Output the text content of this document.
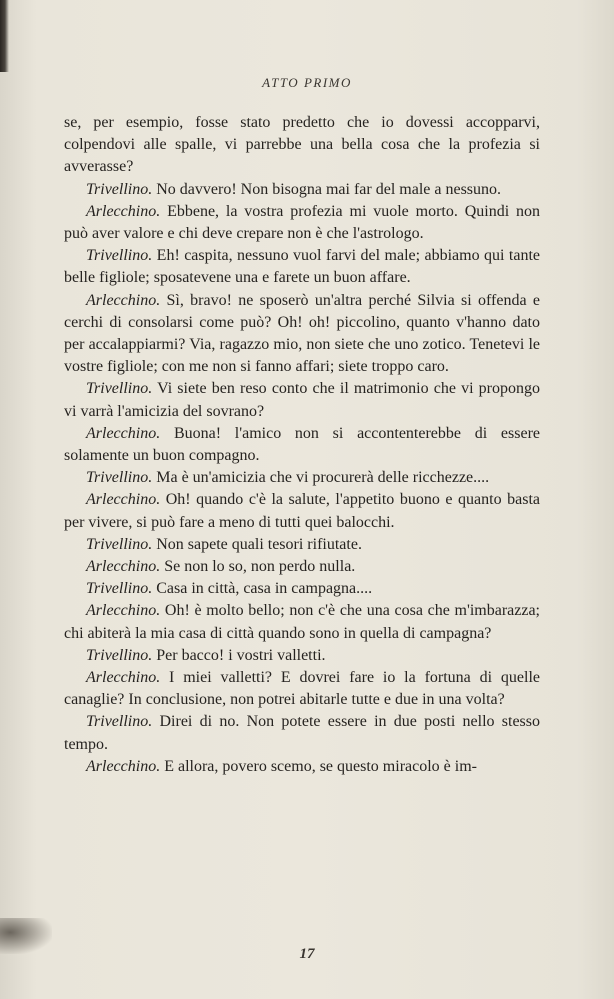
ATTO PRIMO

se, per esempio, fosse stato predetto che io dovessi accopparvi, colpendovi alle spalle, vi parrebbe una bella cosa che la profezia si avverasse?

Trivellino. No davvero! Non bisogna mai far del male a nessuno.

Arlecchino. Ebbene, la vostra profezia mi vuole morto. Quindi non può aver valore e chi deve crepare non è che l'astrologo.

Trivellino. Eh! caspita, nessuno vuol farvi del male; abbiamo qui tante belle figliole; sposatevene una e farete un buon affare.

Arlecchino. Sì, bravo! ne sposerò un'altra perché Silvia si offenda e cerchi di consolarsi come può? Oh! oh! piccolino, quanto v'hanno dato per accalappiarmi? Via, ragazzo mio, non siete che uno zotico. Tenetevi le vostre figliole; con me non si fanno affari; siete troppo caro.

Trivellino. Vi siete ben reso conto che il matrimonio che vi propongo vi varrà l'amicizia del sovrano?

Arlecchino. Buona! l'amico non si accontenterebbe di essere solamente un buon compagno.

Trivellino. Ma è un'amicizia che vi procurerà delle ricchezze....

Arlecchino. Oh! quando c'è la salute, l'appetito buono e quanto basta per vivere, si può fare a meno di tutti quei balocchi.

Trivellino. Non sapete quali tesori rifiutate.

Arlecchino. Se non lo so, non perdo nulla.

Trivellino. Casa in città, casa in campagna....

Arlecchino. Oh! è molto bello; non c'è che una cosa che m'imbarazza; chi abiterà la mia casa di città quando sono in quella di campagna?

Trivellino. Per bacco! i vostri valletti.

Arlecchino. I miei valletti? E dovrei fare io la fortuna di quelle canaglie? In conclusione, non potrei abitarle tutte e due in una volta?

Trivellino. Direi di no. Non potete essere in due posti nello stesso tempo.

Arlecchino. E allora, povero scemo, se questo miracolo è im-

17
